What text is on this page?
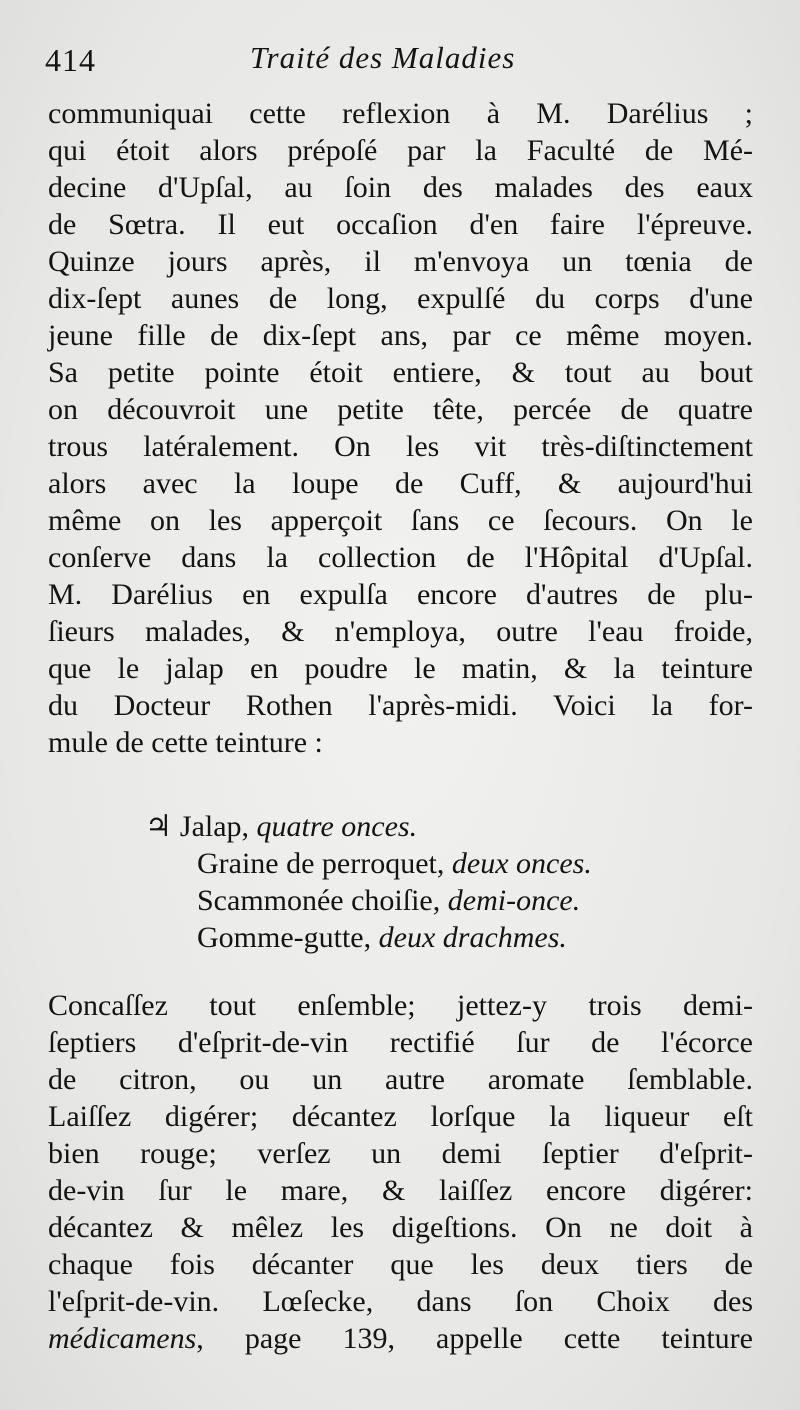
414	Traité des Maladies
communiquai cette reflexion à M. Darélius ;
qui étoit alors prépoſé par la Faculté de Mé-
decine d'Upſal, au ſoin des malades des eaux
de Sœtra. Il eut occaſion d'en faire l'épreuve.
Quinze jours après, il m'envoya un tœnia de
dix-ſept aunes de long, expulſé du corps d'une
jeune fille de dix-ſept ans, par ce même moyen.
Sa petite pointe étoit entiere, & tout au bout
on découvroit une petite tête, percée de quatre
trous latéralement. On les vit très-diſtinctement
alors avec la loupe de Cuff, & aujourd'hui
même on les apperçoit ſans ce ſecours. On le
conſerve dans la collection de l'Hôpital d'Upſal.
M. Darélius en expulſa encore d'autres de plu-
ſieurs malades, & n'employa, outre l'eau froide,
que le jalap en poudre le matin, & la teinture
du Docteur Rothen l'après-midi. Voici la for-
mule de cette teinture :
♃ Jalap, quatre onces.
Graine de perroquet, deux onces.
Scammonée choiſie, demi-once.
Gomme-gutte, deux drachmes.
Concaſſez tout enſemble; jettez-y trois demi-
ſeptiers d'eſprit-de-vin rectifié ſur de l'écorce
de citron, ou un autre aromate ſemblable.
Laiſſez digérer; décantez lorſque la liqueur eſt
bien rouge; verſez un demi ſeptier d'eſprit-
de-vin ſur le mare, & laiſſez encore digérer:
décantez & mêlez les digeſtions. On ne doit à
chaque fois décanter que les deux tiers de
l'eſprit-de-vin. Lœſecke, dans ſon Choix des
médicamens, page 139, appelle cette teinture
